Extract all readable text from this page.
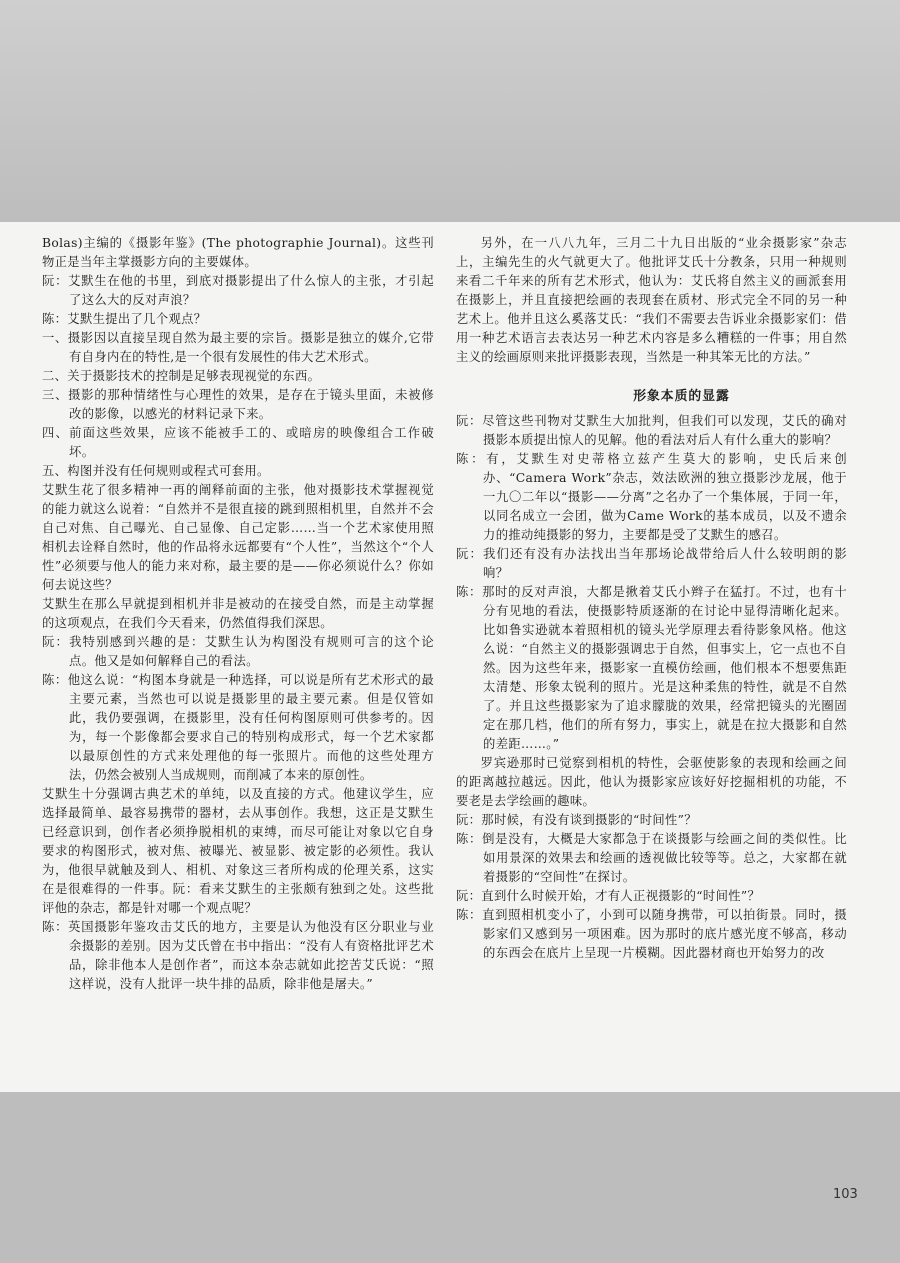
Bolas)主编的《摄影年鉴》(The photographie Journal)。这些刊物正是当年主掌摄影方向的主要媒体。

阮：艾默生在他的书里，到底对摄影提出了什么惊人的主张，才引起了这么大的反对声浪？

陈：艾默生提出了几个观点？

一、摄影因以直接呈现自然为最主要的宗旨。摄影是独立的媒介,它带有自身内在的特性,是一个很有发展性的伟大艺术形式。

二、关于摄影技术的控制是足够表现视觉的东西。

三、摄影的那种情绪性与心理性的效果，是存在于镜头里面，未被修改的影像，以感光的材料记录下来。

四、前面这些效果，应该不能被手工的、或暗房的映像组合工作破坏。

五、构图并没有任何规则或程式可套用。

艾默生花了很多精神一再的阐释前面的主张，他对摄影技术掌握视觉的能力就这么说着：“自然并不是很直接的跳到照相机里，自然并不会自己对焦、自己曝光、自己显像、自己定影……当一个艺术家使用照相机去诠释自然时，他的作品将永远都要有“个人性”，当然这个“个人性”必须要与他人的能力来对称，最主要的是——你必须说什么？你如何去说这些？

艾默生在那么早就提到相机并非是被动的在接受自然，而是主动掌握的这项观点，在我们今天看来，仍然值得我们深思。

阮：我特别感到兴趣的是：艾默生认为构图没有规则可言的这个论点。他又是如何解释自己的看法。

陈：他这么说：“构图本身就是一种选择，可以说是所有艺术形式的最主要元素，当然也可以说是摄影里的最主要元素。但是仅管如此，我仍要强调，在摄影里，没有任何构图原则可供参考的。因为，每一个影像都会要求自己的特别构成形式，每一个艺术家都以最原创性的方式来处理他的每一张照片。而他的这些处理方法，仍然会被别人当成规则，而削减了本来的原创性。

艾默生十分强调古典艺术的单纯，以及直接的方式。他建议学生，应选择最简单、最容易携带的器材，去从事创作。我想，这正是艾默生已经意识到，创作者必须挣脱相机的束缚，而尽可能让对象以它自身要求的构图形式，被对焦、被曝光、被显影、被定影的必须性。我认为，他很早就触及到人、相机、对象这三者所构成的伦理关系，这实在是很难得的一件事。阮：看来艾默生的主张颇有独到之处。这些批评他的杂志，都是针对哪一个观点呢？

陈：英国摄影年鉴攻击艾氏的地方，主要是认为他没有区分职业与业余摄影的差别。因为艾氏曾在书中指出：“没有人有资格批评艺术品，除非他本人是创作者”，而这本杂志就如此挖苦艾氏说：“照这样说，没有人批评一块牛排的品质，除非他是屠夫。”

另外，在一八八九年，三月二十九日出版的“业余摄影家”杂志上，主编先生的火气就更大了。他批评艾氏十分教条，只用一种规则来看二千年来的所有艺术形式，他认为：艾氏将自然主义的画派套用在摄影上，并且直接把绘画的表现套在质材、形式完全不同的另一种艺术上。他并且这么奚落艾氏：“我们不需要去告诉业余摄影家们：借用一种艺术语言去表达另一种艺术内容是多么糟糕的一件事；用自然主义的绘画原则来批评摄影表现，当然是一种其笨无比的方法。”

形象本质的显露

阮：尽管这些刊物对艾默生大加批判，但我们可以发现，艾氏的确对摄影本质提出惊人的见解。他的看法对后人有什么重大的影响？

陈：有，艾默生对史蒂格立兹产生莫大的影响，史氏后来创办、“Camera Work”杂志，效法欧洲的独立摄影沙龙展，他于一九〇二年以“摄影——分离”之名办了一个集体展，于同一年，以同名成立一会团，做为Came Work的基本成员，以及不遗余力的推动纯摄影的努力，主要都是受了艾默生的感召。

阮：我们还有没有办法找出当年那场论战带给后人什么较明朗的影响？

陈：那时的反对声浪，大都是揪着艾氏小辫子在猛打。不过，也有十分有见地的看法，使摄影特质逐渐的在讨论中显得清晰化起来。比如鲁实逊就本着照相机的镜头光学原理去看待影象风格。他这么说：“自然主义的摄影强调忠于自然，但事实上，它一点也不自然。因为这些年来，摄影家一直模仿绘画，他们根本不想要焦距太清楚、形象太锐利的照片。光是这种柔焦的特性，就是不自然了。并且这些摄影家为了追求朦胧的效果，经常把镜头的光圈固定在那几档，他们的所有努力，事实上，就是在拉大摄影和自然的差距……。”

罗宾逊那时已觉察到相机的特性，会驱使影象的表现和绘画之间的距离越拉越远。因此，他认为摄影家应该好好挖掘相机的功能，不要老是去学绘画的趣味。

阮：那时候，有没有谈到摄影的“时间性”？

陈：倒是没有，大概是大家都急于在谈摄影与绘画之间的类似性。比如用景深的效果去和绘画的透视做比较等等。总之，大家都在就着摄影的“空间性”在探讨。

阮：直到什么时候开始，才有人正视摄影的“时间性”？

陈：直到照相机变小了，小到可以随身携带，可以拍街景。同时，摄影家们又感到另一项困难。因为那时的底片感光度不够高，移动的东西会在底片上呈现一片模糊。因此器材商也开始努力的改

103
